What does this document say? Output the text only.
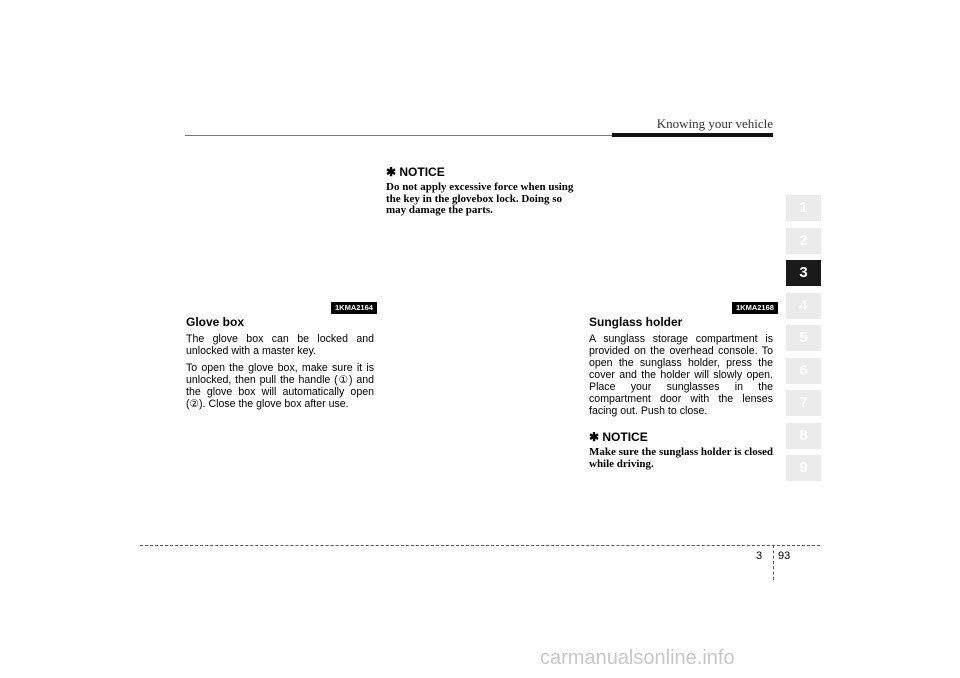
Knowing your vehicle
1KMA2164	1KMA2168
Glove box
The glove box can be locked and unlocked with a master key.
To open the glove box, make sure it is unlocked, then pull the handle (①) and the glove box will automatically open (②). Close the glove box after use.
✱ NOTICE
Do not apply excessive force when using the key in the glovebox lock. Doing so may damage the parts.
Sunglass holder
A sunglass storage compartment is provided on the overhead console. To open the sunglass holder, press the cover and the holder will slowly open. Place your sunglasses in the compartment door with the lenses facing out. Push to close.
✱ NOTICE
Make sure the sunglass holder is closed while driving.
1
2
3
4
5
6
7
8
9
3 93
carmanualsonline.info
